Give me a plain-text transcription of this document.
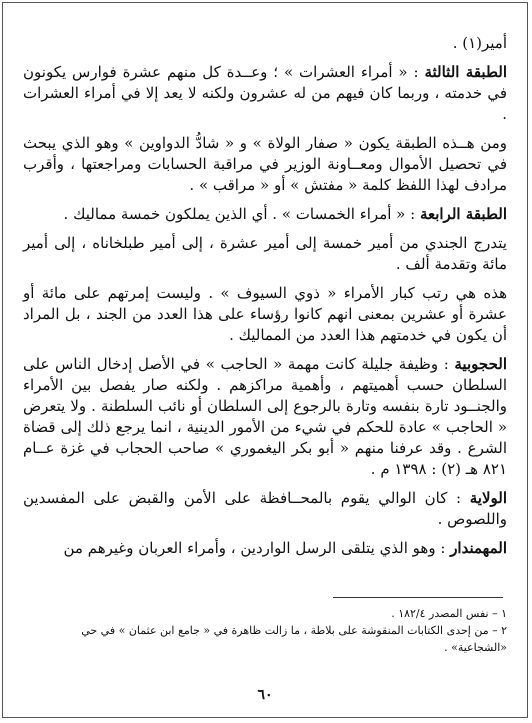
أمير(١) .

الطبقة الثالثة : « أمراء العشرات » ؛ وعــدة كل منهم عشرة فوارس يكونون في خدمته ، وربما كان فيهم من له عشرون ولكنه لا يعد إلا في أمراء العشرات .

ومن هــذه الطبقة يكون « صفار الولاة » و « شادُّ الدواوين » وهو الذي يبحث في تحصيل الأموال ومعــاونة الوزير في مراقبة الحسابات ومراجعتها ، وأقرب مرادف لهذا اللفظ كلمة « مفتش » أو « مراقب » .

الطبقة الرابعة : « أمراء الخمسات » . أي الذين يملكون خمسة مماليك .

يتدرج الجندي من أمير خمسة إلى أمير عشرة ، إلى أمير طبلخاناه ، إلى أمير مائة وتقدمة ألف .

هذه هي رتب كبار الأمراء « ذوي السيوف » . وليست إمرتهم على مائة أو عشرة أو عشرين بمعنى انهم كانوا رؤساء على هذا العدد من الجند ، بل المراد أن يكون في خدمتهم هذا العدد من المماليك .

الحجوبية : وظيفة جليلة كانت مهمة « الحاجب » في الأصل إدخال الناس على السلطان حسب أهميتهم ، وأهمية مراكزهم . ولكنه صار يفصل بين الأمراء والجنــود تارة بنفسه وتارة بالرجوع إلى السلطان أو نائب السلطنة . ولا يتعرض « الحاجب » عادة للحكم في شيء من الأمور الدينية ، انما يرجع ذلك إلى قضاة الشرع . وقد عرفنا منهم « أبو بكر اليغموري » صاحب الحجاب في غزة عــام ٨٢١ هـ (٢) : ١٣٩٨ م .

الولاية : كان الوالي يقوم بالمحــافظة على الأمن والقبض على المفسدين واللصوص .

المهمندار : وهو الذي يتلقى الرسل الواردين ، وأمراء العربان وغيرهم من

١ – نفس المصدر ١٨٢/٤ .
٢ – من إحدى الكتابات المنقوشة على بلاطة ، ما زالت ظاهرة في « جامع ابن عثمان » في حي «الشجاعية» .
٦٠
